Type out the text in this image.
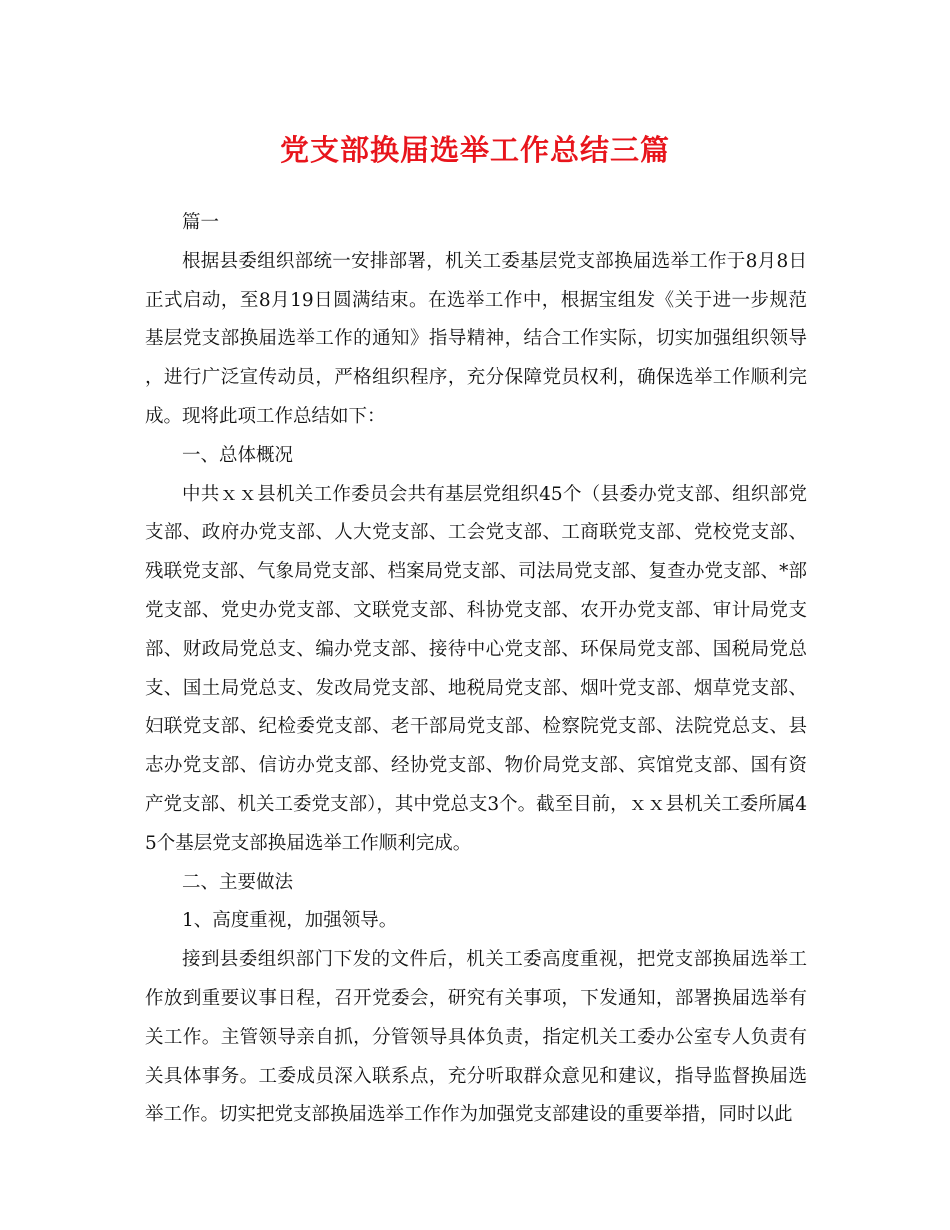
党支部换届选举工作总结三篇

篇一

根据县委组织部统一安排部署，机关工委基层党支部换届选举工作于8月8日正式启动，至8月19日圆满结束。在选举工作中，根据宝组发《关于进一步规范基层党支部换届选举工作的通知》指导精神，结合工作实际，切实加强组织领导，进行广泛宣传动员，严格组织程序，充分保障党员权利，确保选举工作顺利完成。现将此项工作总结如下：

一、总体概况

中共ｘｘ县机关工作委员会共有基层党组织45个（县委办党支部、组织部党支部、政府办党支部、人大党支部、工会党支部、工商联党支部、党校党支部、残联党支部、气象局党支部、档案局党支部、司法局党支部、复查办党支部、*部党支部、党史办党支部、文联党支部、科协党支部、农开办党支部、审计局党支部、财政局党总支、编办党支部、接待中心党支部、环保局党支部、国税局党总支、国土局党总支、发改局党支部、地税局党支部、烟叶党支部、烟草党支部、妇联党支部、纪检委党支部、老干部局党支部、检察院党支部、法院党总支、县志办党支部、信访办党支部、经协党支部、物价局党支部、宾馆党支部、国有资产党支部、机关工委党支部），其中党总支3个。截至目前，ｘｘ县机关工委所属45个基层党支部换届选举工作顺利完成。

二、主要做法

1、高度重视，加强领导。

接到县委组织部门下发的文件后，机关工委高度重视，把党支部换届选举工作放到重要议事日程，召开党委会，研究有关事项，下发通知，部署换届选举有关工作。主管领导亲自抓，分管领导具体负责，指定机关工委办公室专人负责有关具体事务。工委成员深入联系点，充分听取群众意见和建议，指导监督换届选举工作。切实把党支部换届选举工作作为加强党支部建设的重要举措，同时以此
